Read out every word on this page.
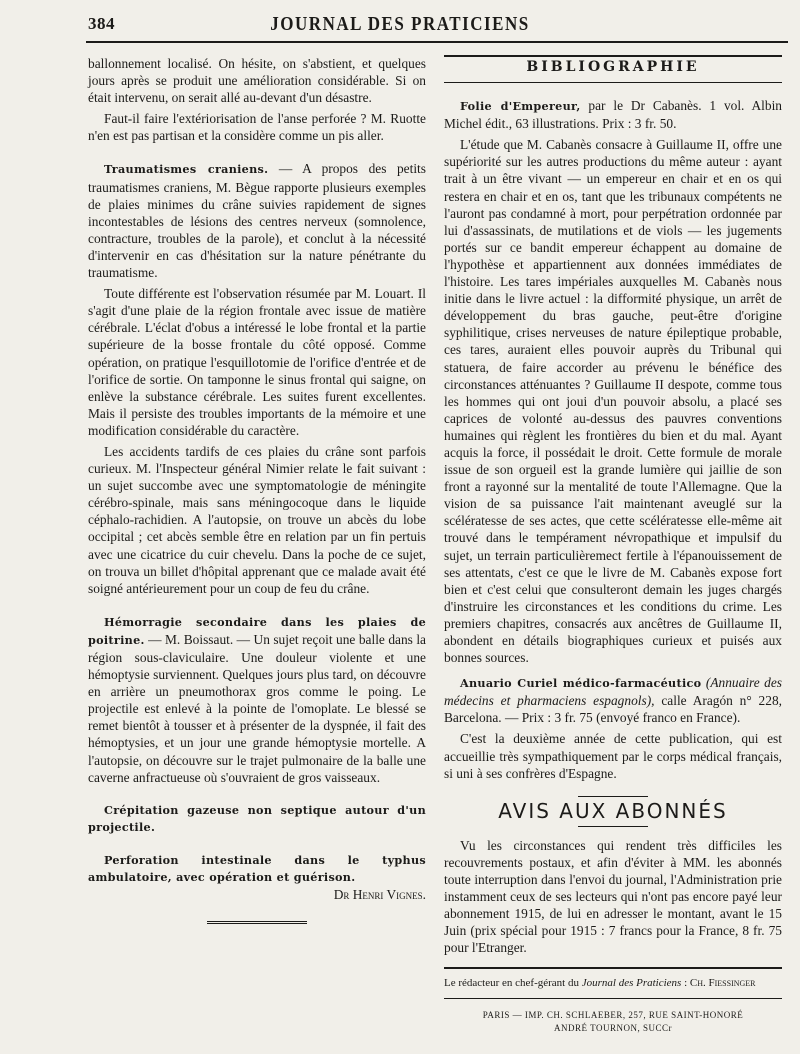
384	JOURNAL DES PRATICIENS

ballonnement localisé. On hésite, on s'abstient, et quelques jours après se produit une amélioration considérable. Si on était intervenu, on serait allé au-devant d'un désastre.

Faut-il faire l'extériorisation de l'anse perforée ? M. Ruotte n'en est pas partisan et la considère comme un pis aller.

Traumatismes craniens. — A propos des petits traumatismes craniens, M. Bègue rapporte plusieurs exemples de plaies minimes du crâne suivies rapidement de signes incontestables de lésions des centres nerveux (somnolence, contracture, troubles de la parole), et conclut à la nécessité d'intervenir en cas d'hésitation sur la nature pénétrante du traumatisme.

Toute différente est l'observation résumée par M. Louart. Il s'agit d'une plaie de la région frontale avec issue de matière cérébrale. L'éclat d'obus a intéressé le lobe frontal et la partie supérieure de la bosse frontale du côté opposé. Comme opération, on pratique l'esquillotomie de l'orifice d'entrée et de l'orifice de sortie. On tamponne le sinus frontal qui saigne, on enlève la substance cérébrale. Les suites furent excellentes. Mais il persiste des troubles importants de la mémoire et une modification considérable du caractère.

Les accidents tardifs de ces plaies du crâne sont parfois curieux. M. l'Inspecteur général Nimier relate le fait suivant : un sujet succombe avec une symptomatologie de méningite cérébro-spinale, mais sans méningocoque dans le liquide céphalo-rachidien. A l'autopsie, on trouve un abcès du lobe occipital ; cet abcès semble être en relation par un fin pertuis avec une cicatrice du cuir chevelu. Dans la poche de ce sujet, on trouva un billet d'hôpital apprenant que ce malade avait été soigné antérieurement pour un coup de feu du crâne.

Hémorragie secondaire dans les plaies de poitrine. — M. Boissaut. — Un sujet reçoit une balle dans la région sous-claviculaire. Une douleur violente et une hémoptysie surviennent. Quelques jours plus tard, on découvre en arrière un pneumothorax gros comme le poing. Le projectile est enlevé à la pointe de l'omoplate. Le blessé se remet bientôt à tousser et à présenter de la dyspnée, il fait des hémoptysies, et un jour une grande hémoptysie mortelle. A l'autopsie, on découvre sur le trajet pulmonaire de la balle une caverne anfractueuse où s'ouvraient de gros vaisseaux.

Crépitation gazeuse non septique autour d'un projectile.

Perforation intestinale dans le typhus ambulatoire, avec opération et guérison.

Dr Henri Vignes.

BIBLIOGRAPHIE

Folie d'Empereur, par le Dr Cabanès. 1 vol. Albin Michel édit., 63 illustrations. Prix : 3 fr. 50.

L'étude que M. Cabanès consacre à Guillaume II, offre une supériorité sur les autres productions du même auteur : ayant trait à un être vivant — un empereur en chair et en os qui restera en chair et en os, tant que les tribunaux compétents ne l'auront pas condamné à mort, pour perpétration ordonnée par lui d'assassinats, de mutilations et de viols — les jugements portés sur ce bandit empereur échappent au domaine de l'hypothèse et appartiennent aux données immédiates de l'histoire. Les tares impériales auxquelles M. Cabanès nous initie dans le livre actuel : la difformité physique, un arrêt de développement du bras gauche, peut-être d'origine syphilitique, crises nerveuses de nature épileptique probable, ces tares, auraient elles pouvoir auprès du Tribunal qui statuera, de faire accorder au prévenu le bénéfice des circonstances atténuantes ? Guillaume II despote, comme tous les hommes qui ont joui d'un pouvoir absolu, a placé ses caprices de volonté au-dessus des pauvres conventions humaines qui règlent les frontières du bien et du mal. Ayant acquis la force, il possédait le droit. Cette formule de morale issue de son orgueil est la grande lumière qui jaillie de son front a rayonné sur la mentalité de toute l'Allemagne. Que la vision de sa puissance l'ait maintenant aveuglé sur la scélératesse de ses actes, que cette scélératesse elle-même ait trouvé dans le tempérament névropathique et impulsif du sujet, un terrain particulièremect fertile à l'épanouissement de ses attentats, c'est ce que le livre de M. Cabanès expose fort bien et c'est celui que consulteront demain les juges chargés d'instruire les circonstances et les conditions du crime. Les premiers chapitres, consacrés aux ancêtres de Guillaume II, abondent en détails biographiques curieux et puisés aux bonnes sources.

Anuario Curiel médico-farmacéutico (Annuaire des médecins et pharmaciens espagnols), calle Aragón n° 228, Barcelona. — Prix : 3 fr. 75 (envoyé franco en France).

C'est la deuxième année de cette publication, qui est accueillie très sympathiquement par le corps médical français, si uni à ses confrères d'Espagne.

AVIS AUX ABONNÉS

Vu les circonstances qui rendent très difficiles les recouvrements postaux, et afin d'éviter à MM. les abonnés toute interruption dans l'envoi du journal, l'Administration prie instamment ceux de ses lecteurs qui n'ont pas encore payé leur abonnement 1915, de lui en adresser le montant, avant le 15 Juin (prix spécial pour 1915 : 7 francs pour la France, 8 fr. 75 pour l'Etranger.

Le rédacteur en chef-gérant du Journal des Praticiens : Ch. Fiessinger

PARIS — IMP. CH. SCHLAEBER, 257, RUE SAINT-HONORÉ
ANDRÉ TOURNON, SUCCr
